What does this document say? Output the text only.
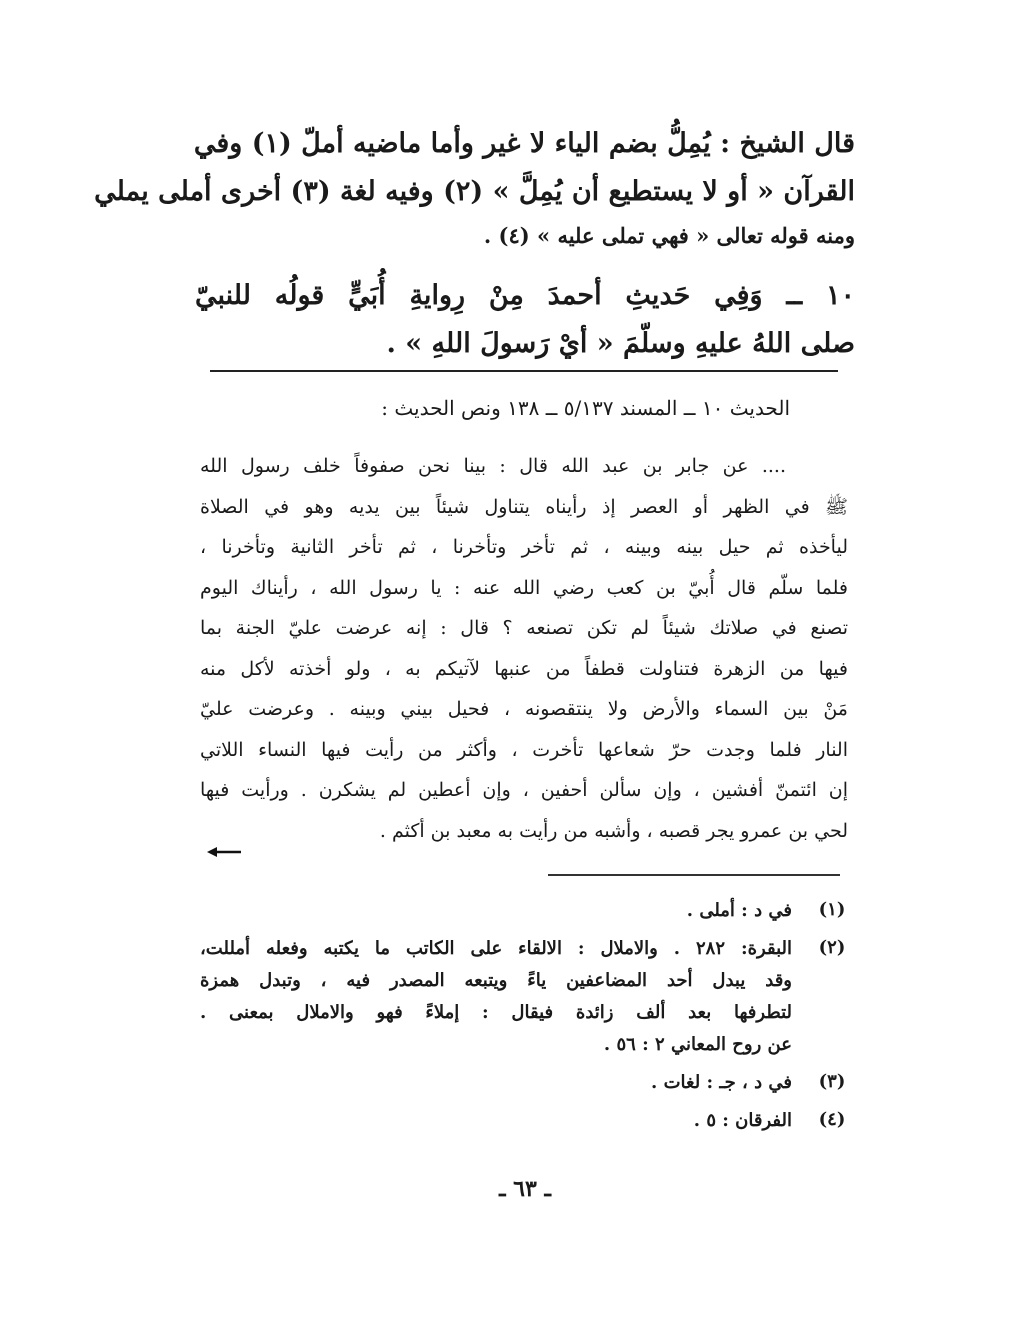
قال الشيخ : يُمِلُّ بضم الياء لا غير وأما ماضيه أملّ (١) وفي
القرآن « أو لا يستطيع أن يُمِلَّ » (٢) وفيه لغة (٣) أخرى أملى يملي
ومنه قوله تعالى « فهي تملى عليه » (٤) .
١٠ ــ وَفِي حَديثِ أحمدَ مِنْ رِوايةِ أُبَيٍّ قولُه للنبيّ
صلى اللهُ عليهِ وسلّمَ « أيْ رَسولَ اللهِ » .
الحديث ١٠ ــ المسند ٥/١٣٧ ــ ١٣٨ ونص الحديث :
.... عن جابر بن عبد الله قال : بينا نحن صفوفاً خلف رسول الله
ﷺ في الظهر أو العصر إذ رأيناه يتناول شيئاً بين يديه وهو في الصلاة
ليأخذه ثم حيل بينه وبينه ، ثم تأخر وتأخرنا ، ثم تأخر الثانية وتأخرنا ،
فلما سلّم قال أُبيّ بن كعب رضي الله عنه : يا رسول الله ، رأيناك اليوم
تصنع في صلاتك شيئاً لم تكن تصنعه ؟ قال : إنه عرضت عليّ الجنة بما
فيها من الزهرة فتناولت قطفاً من عنبها لآتيكم به ، ولو أخذته لأكل منه
مَنْ بين السماء والأرض ولا ينتقصونه ، فحيل بيني وبينه . وعرضت عليّ
النار فلما وجدت حرّ شعاعها تأخرت ، وأكثر من رأيت فيها النساء اللاتي
إن ائتمنّ أفشين ، وإن سألن أحفين ، وإن أعطين لم يشكرن . ورأيت فيها
لحي بن عمرو يجر قصبه ، وأشبه من رأيت به معبد بن أكثم .
(١)
في د : أملى .
(٢)
البقرة: ٢٨٢ . والاملال : الالقاء على الكاتب ما يكتبه وفعله أمللت،
وقد يبدل أحد المضاعفين ياءً ويتبعه المصدر فيه ، وتبدل همزة
لتطرفها بعد ألف زائدة فيقال : إملاءً فهو والاملال بمعنى .
عن روح المعاني ٢ : ٥٦ .
(٣)
في د ، جـ : لغات .
(٤)
الفرقان : ٥ .
ـ ٦٣ ـ
